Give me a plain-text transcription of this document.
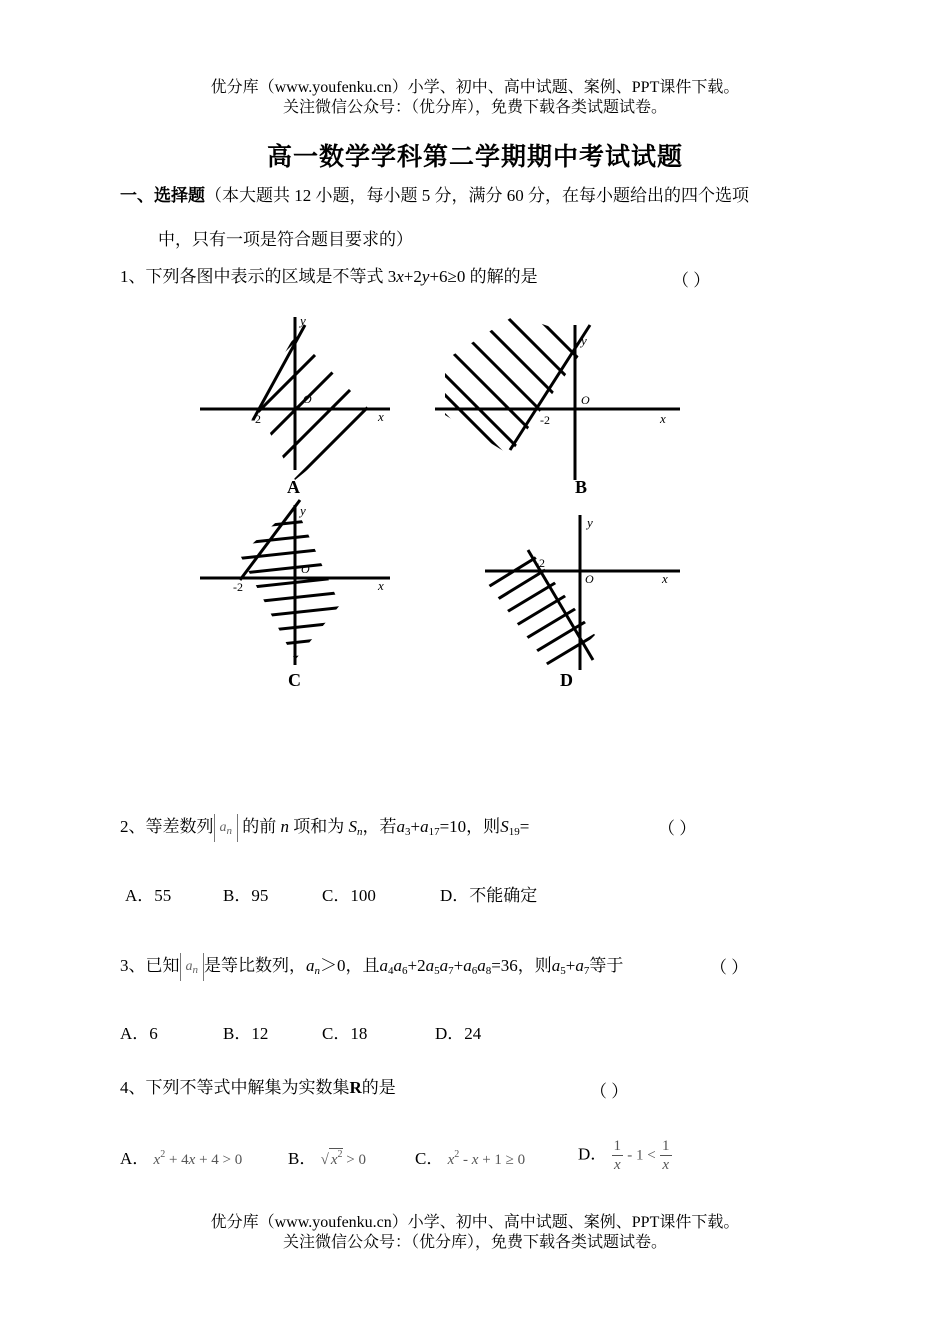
优分库（www.youfenku.cn）小学、初中、高中试题、案例、PPT课件下载。
关注微信公众号：（优分库），免费下载各类试题试卷。
高一数学学科第二学期期中考试试题
一、选择题（本大题共 12 小题，每小题 5 分，满分 60 分，在每小题给出的四个选项
中，只有一项是符合题目要求的）
1、下列各图中表示的区域是不等式 3x+2y+6≥0 的解的是	（ ）
y
x
O
-2
A
y
x
O
-2
B
y
x
O
-2
C
y
x
O
-2
D
2、等差数列 $a_n$ 的前 n 项和为 $S_n$，若$a_3+a_{17}=10$，则$S_{19}=$	（ ）
A．55	B．95	C．100	D．不能确定
3、已知 $a_n$ 是等比数列，$a_n>0$，且$a_4a_6+2a_5a_7+a_6a_8=36$，则$a_5+a_7$等于	（ ）
A．6	B．12	C．18	D．24
4、下列不等式中解集为实数集R的是	（ ）
A． $x^2 + 4x + 4 > 0$	B． √ $x^2 > 0$	C． $x^2 - x + 1 \ge 0$	D． $\frac{1}{x} - 1 < \frac{1}{x}$
优分库（www.youfenku.cn）小学、初中、高中试题、案例、PPT课件下载。
关注微信公众号：（优分库），免费下载各类试题试卷。
